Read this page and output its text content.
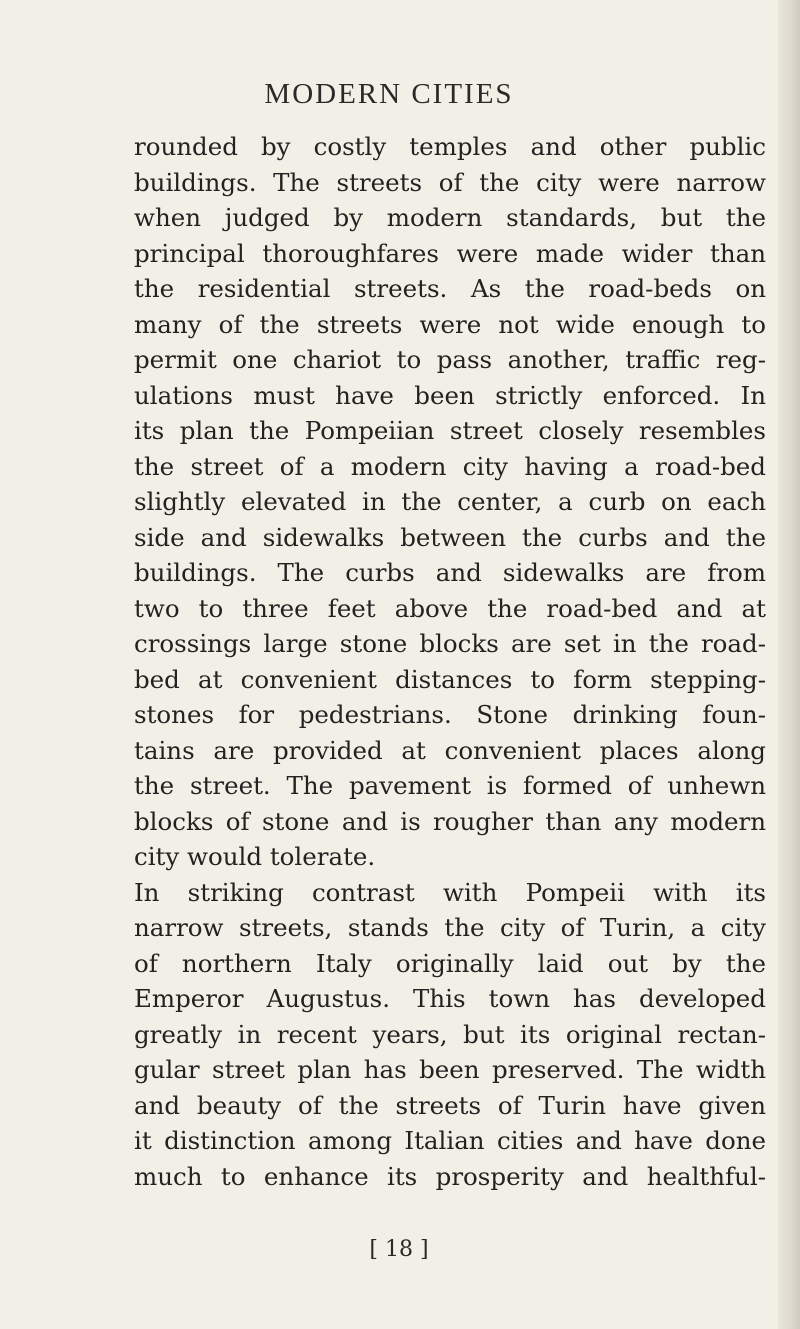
MODERN CITIES
rounded by costly temples and other public
buildings. The streets of the city were narrow
when judged by modern standards, but the
principal thoroughfares were made wider than
the residential streets. As the road-beds on
many of the streets were not wide enough to
permit one chariot to pass another, traffic reg-
ulations must have been strictly enforced. In
its plan the Pompeiian street closely resembles
the street of a modern city having a road-bed
slightly elevated in the center, a curb on each
side and sidewalks between the curbs and the
buildings. The curbs and sidewalks are from
two to three feet above the road-bed and at
crossings large stone blocks are set in the road-
bed at convenient distances to form stepping-
stones for pedestrians. Stone drinking foun-
tains are provided at convenient places along
the street. The pavement is formed of unhewn
blocks of stone and is rougher than any modern
city would tolerate.
In striking contrast with Pompeii with its
narrow streets, stands the city of Turin, a city
of northern Italy originally laid out by the
Emperor Augustus. This town has developed
greatly in recent years, but its original rectan-
gular street plan has been preserved. The width
and beauty of the streets of Turin have given
it distinction among Italian cities and have done
much to enhance its prosperity and healthful-
[ 18 ]
